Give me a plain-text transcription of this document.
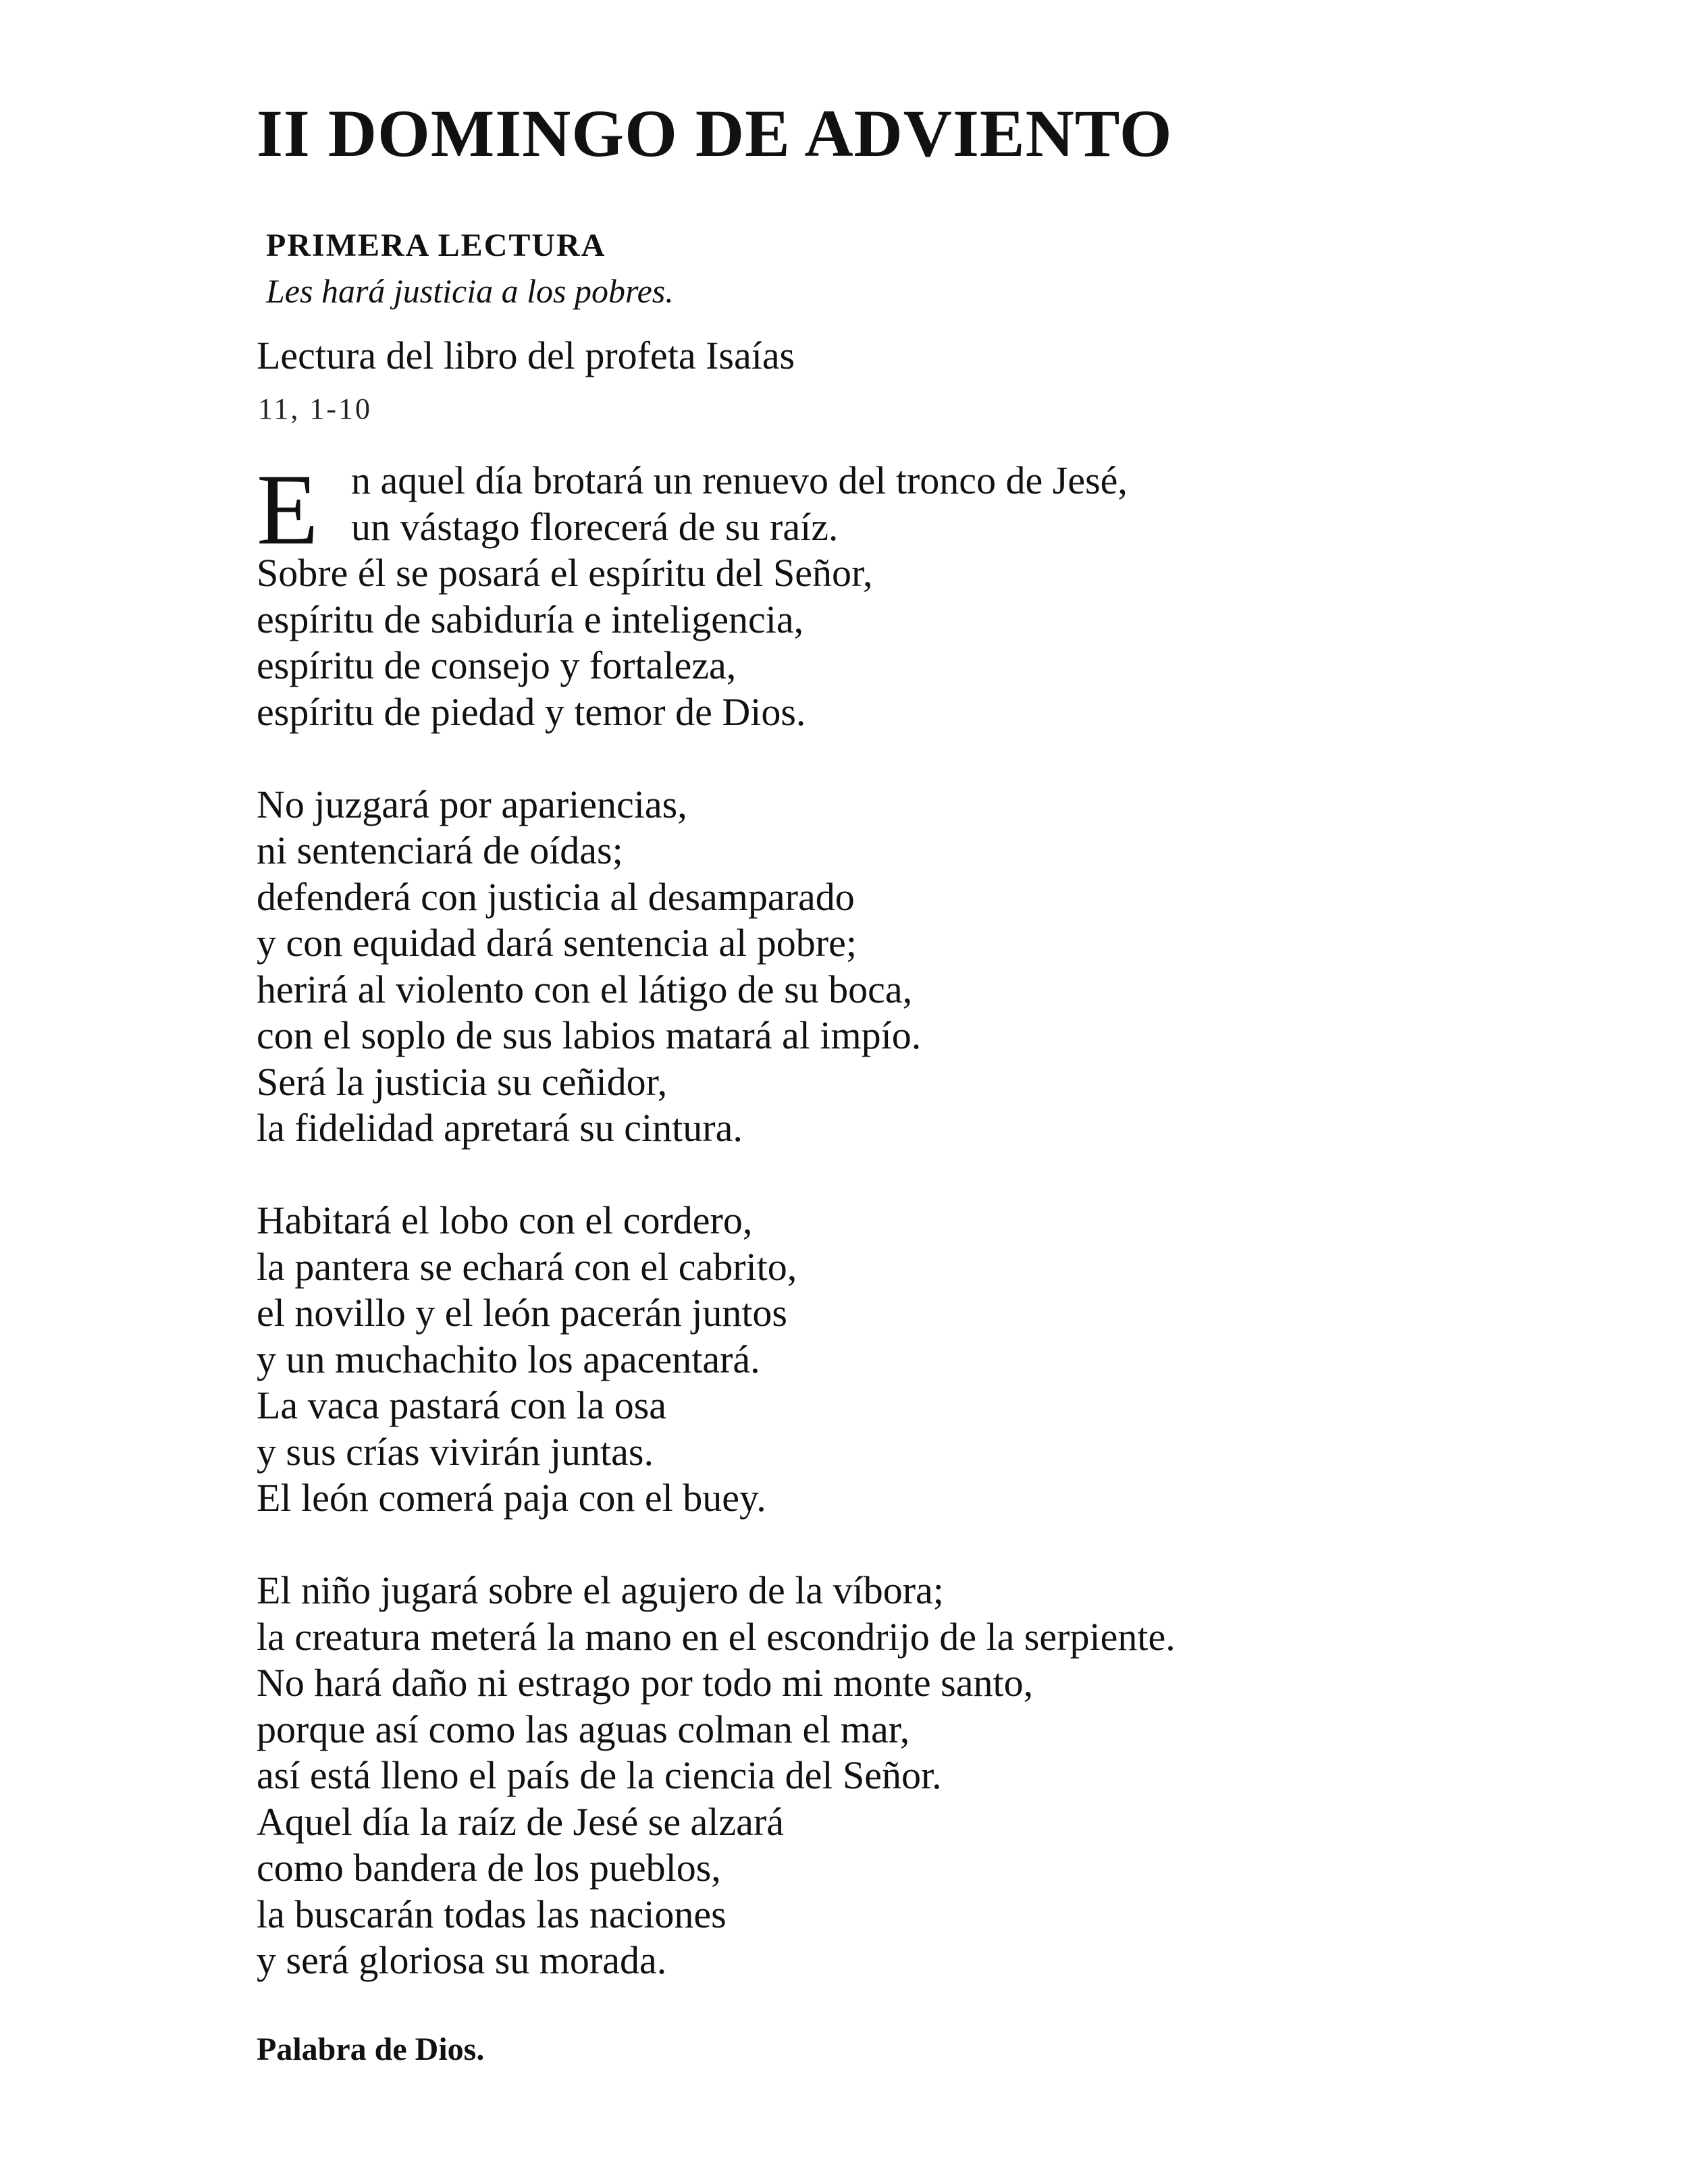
II DOMINGO DE ADVIENTO
PRIMERA LECTURA
Les hará justicia a los pobres.
Lectura del libro del profeta Isaías
11, 1-10
E n aquel día brotará un renuevo del tronco de Jesé,
un vástago florecerá de su raíz.
Sobre él se posará el espíritu del Señor,
espíritu de sabiduría e inteligencia,
espíritu de consejo y fortaleza,
espíritu de piedad y temor de Dios.
No juzgará por apariencias,
ni sentenciará de oídas;
defenderá con justicia al desamparado
y con equidad dará sentencia al pobre;
herirá al violento con el látigo de su boca,
con el soplo de sus labios matará al impío.
Será la justicia su ceñidor,
la fidelidad apretará su cintura.
Habitará el lobo con el cordero,
la pantera se echará con el cabrito,
el novillo y el león pacerán juntos
y un muchachito los apacentará.
La vaca pastará con la osa
y sus crías vivirán juntas.
El león comerá paja con el buey.
El niño jugará sobre el agujero de la víbora;
la creatura meterá la mano en el escondrijo de la serpiente.
No hará daño ni estrago por todo mi monte santo,
porque así como las aguas colman el mar,
así está lleno el país de la ciencia del Señor.
Aquel día la raíz de Jesé se alzará
como bandera de los pueblos,
la buscarán todas las naciones
y será gloriosa su morada.
Palabra de Dios.
